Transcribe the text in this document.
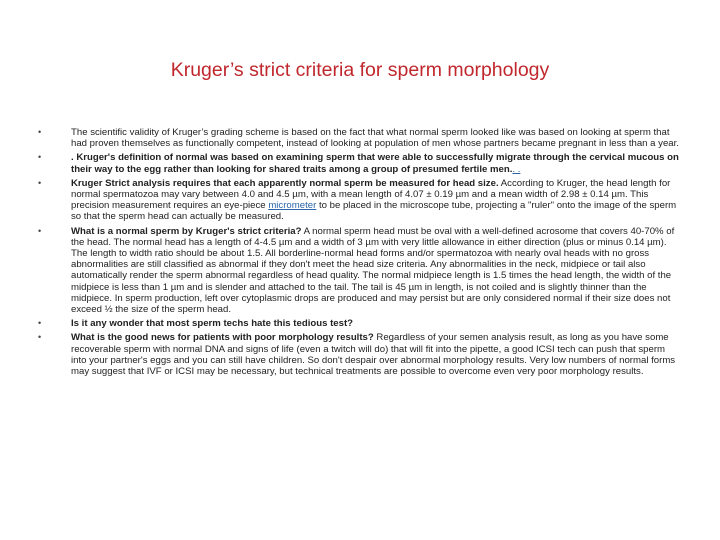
Kruger’s strict criteria for sperm morphology
•	The scientific validity of Kruger’s grading scheme is based on the fact that what normal sperm looked like was based on looking at sperm that had proven themselves as functionally competent, instead of looking at population of men whose partners became pregnant in less than a year.
•	. Kruger's definition of normal was based on examining sperm that were able to successfully migrate through the cervical mucous on their way to the egg rather than looking for shared traits among a group of presumed fertile men.. .
•	Kruger Strict analysis requires that each apparently normal sperm be measured for head size. According to Kruger, the head length for normal spermatozoa may vary between 4.0 and 4.5 µm, with a mean length of 4.07 ± 0.19 µm and a mean width of 2.98 ± 0.14 µm. This precision measurement requires an eye-piece micrometer to be placed in the microscope tube, projecting a "ruler" onto the image of the sperm so that the sperm head can actually be measured.
•	What is a normal sperm by Kruger's strict criteria? A normal sperm head must be oval with a well-defined acrosome that covers 40-70% of the head. The normal head has a length of 4-4.5 µm and a width of 3 µm with very little allowance in either direction (plus or minus 0.14 µm). The length to width ratio should be about 1.5. All borderline-normal head forms and/or spermatozoa with nearly oval heads with no gross abnormalities are still classified as abnormal if they don't meet the head size criteria. Any abnormalities in the neck, midpiece or tail also automatically render the sperm abnormal regardless of head quality. The normal midpiece length is 1.5 times the head length, the width of the midpiece is less than 1 µm and is slender and attached to the tail. The tail is 45 µm in length, is not coiled and is slightly thinner than the midpiece. In sperm production, left over cytoplasmic drops are produced and may persist but are only considered normal if their size does not exceed ½ the size of the sperm head.
•	Is it any wonder that most sperm techs hate this tedious test?
•	What is the good news for patients with poor morphology results? Regardless of your semen analysis result, as long as you have some recoverable sperm with normal DNA and signs of life (even a twitch will do) that will fit into the pipette, a good ICSI tech can push that sperm into your partner's eggs and you can still have children. So don't despair over abnormal morphology results. Very low numbers of normal forms may suggest that IVF or ICSI may be necessary, but technical treatments are possible to overcome even very poor morphology results.
